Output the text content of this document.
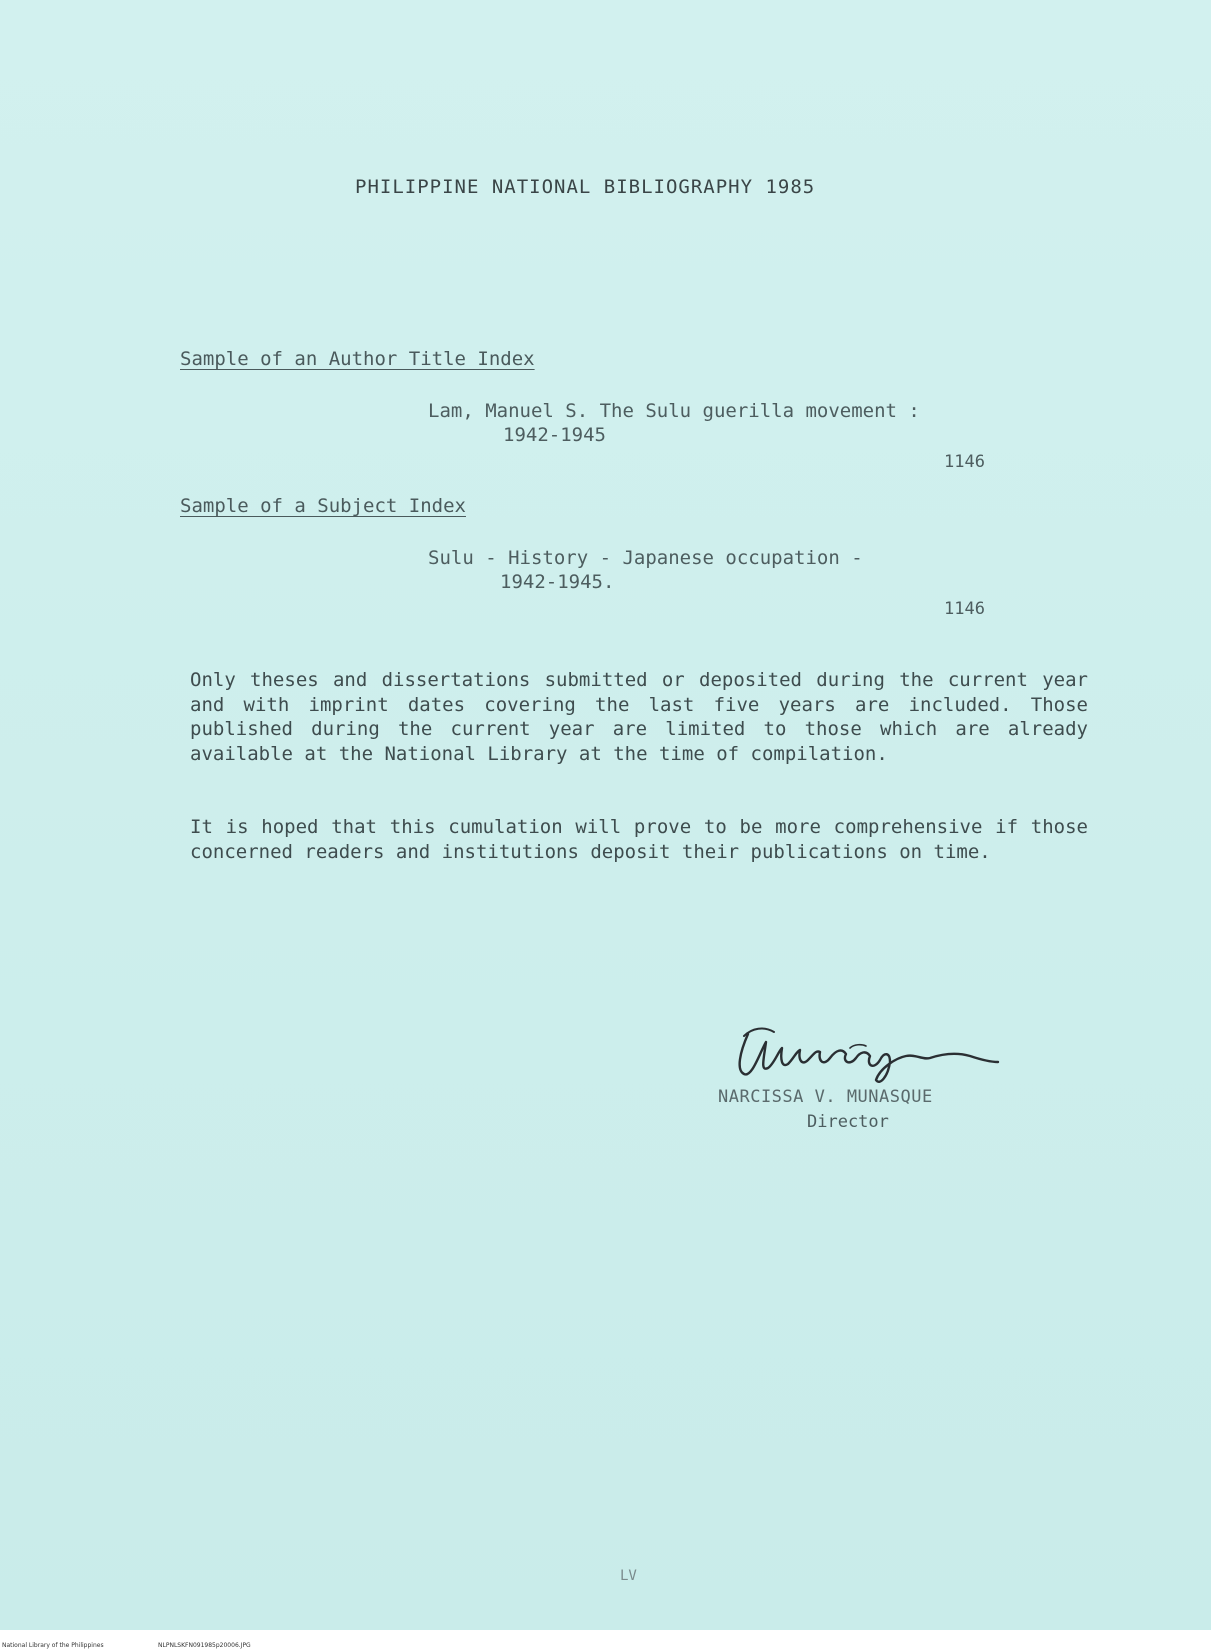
PHILIPPINE NATIONAL BIBLIOGRAPHY 1985
Sample of an Author Title Index
Lam, Manuel S. The Sulu guerilla movement :
1942-1945
1146
Sample of a Subject Index
Sulu - History - Japanese occupation -
1942-1945.
1146
Only theses and dissertations submitted or deposited during the current year and with imprint dates covering the last five years are included. Those published during the current year are limited to those which are already available at the National Library at the time of compilation.
It is hoped that this cumulation will prove to be more comprehensive if those concerned readers and institutions deposit their publications on time.
NARCISSA V. MUNASQUE
Director
LV
National Library of the Philippines	NLPNLSKFN091985p20006.JPG
